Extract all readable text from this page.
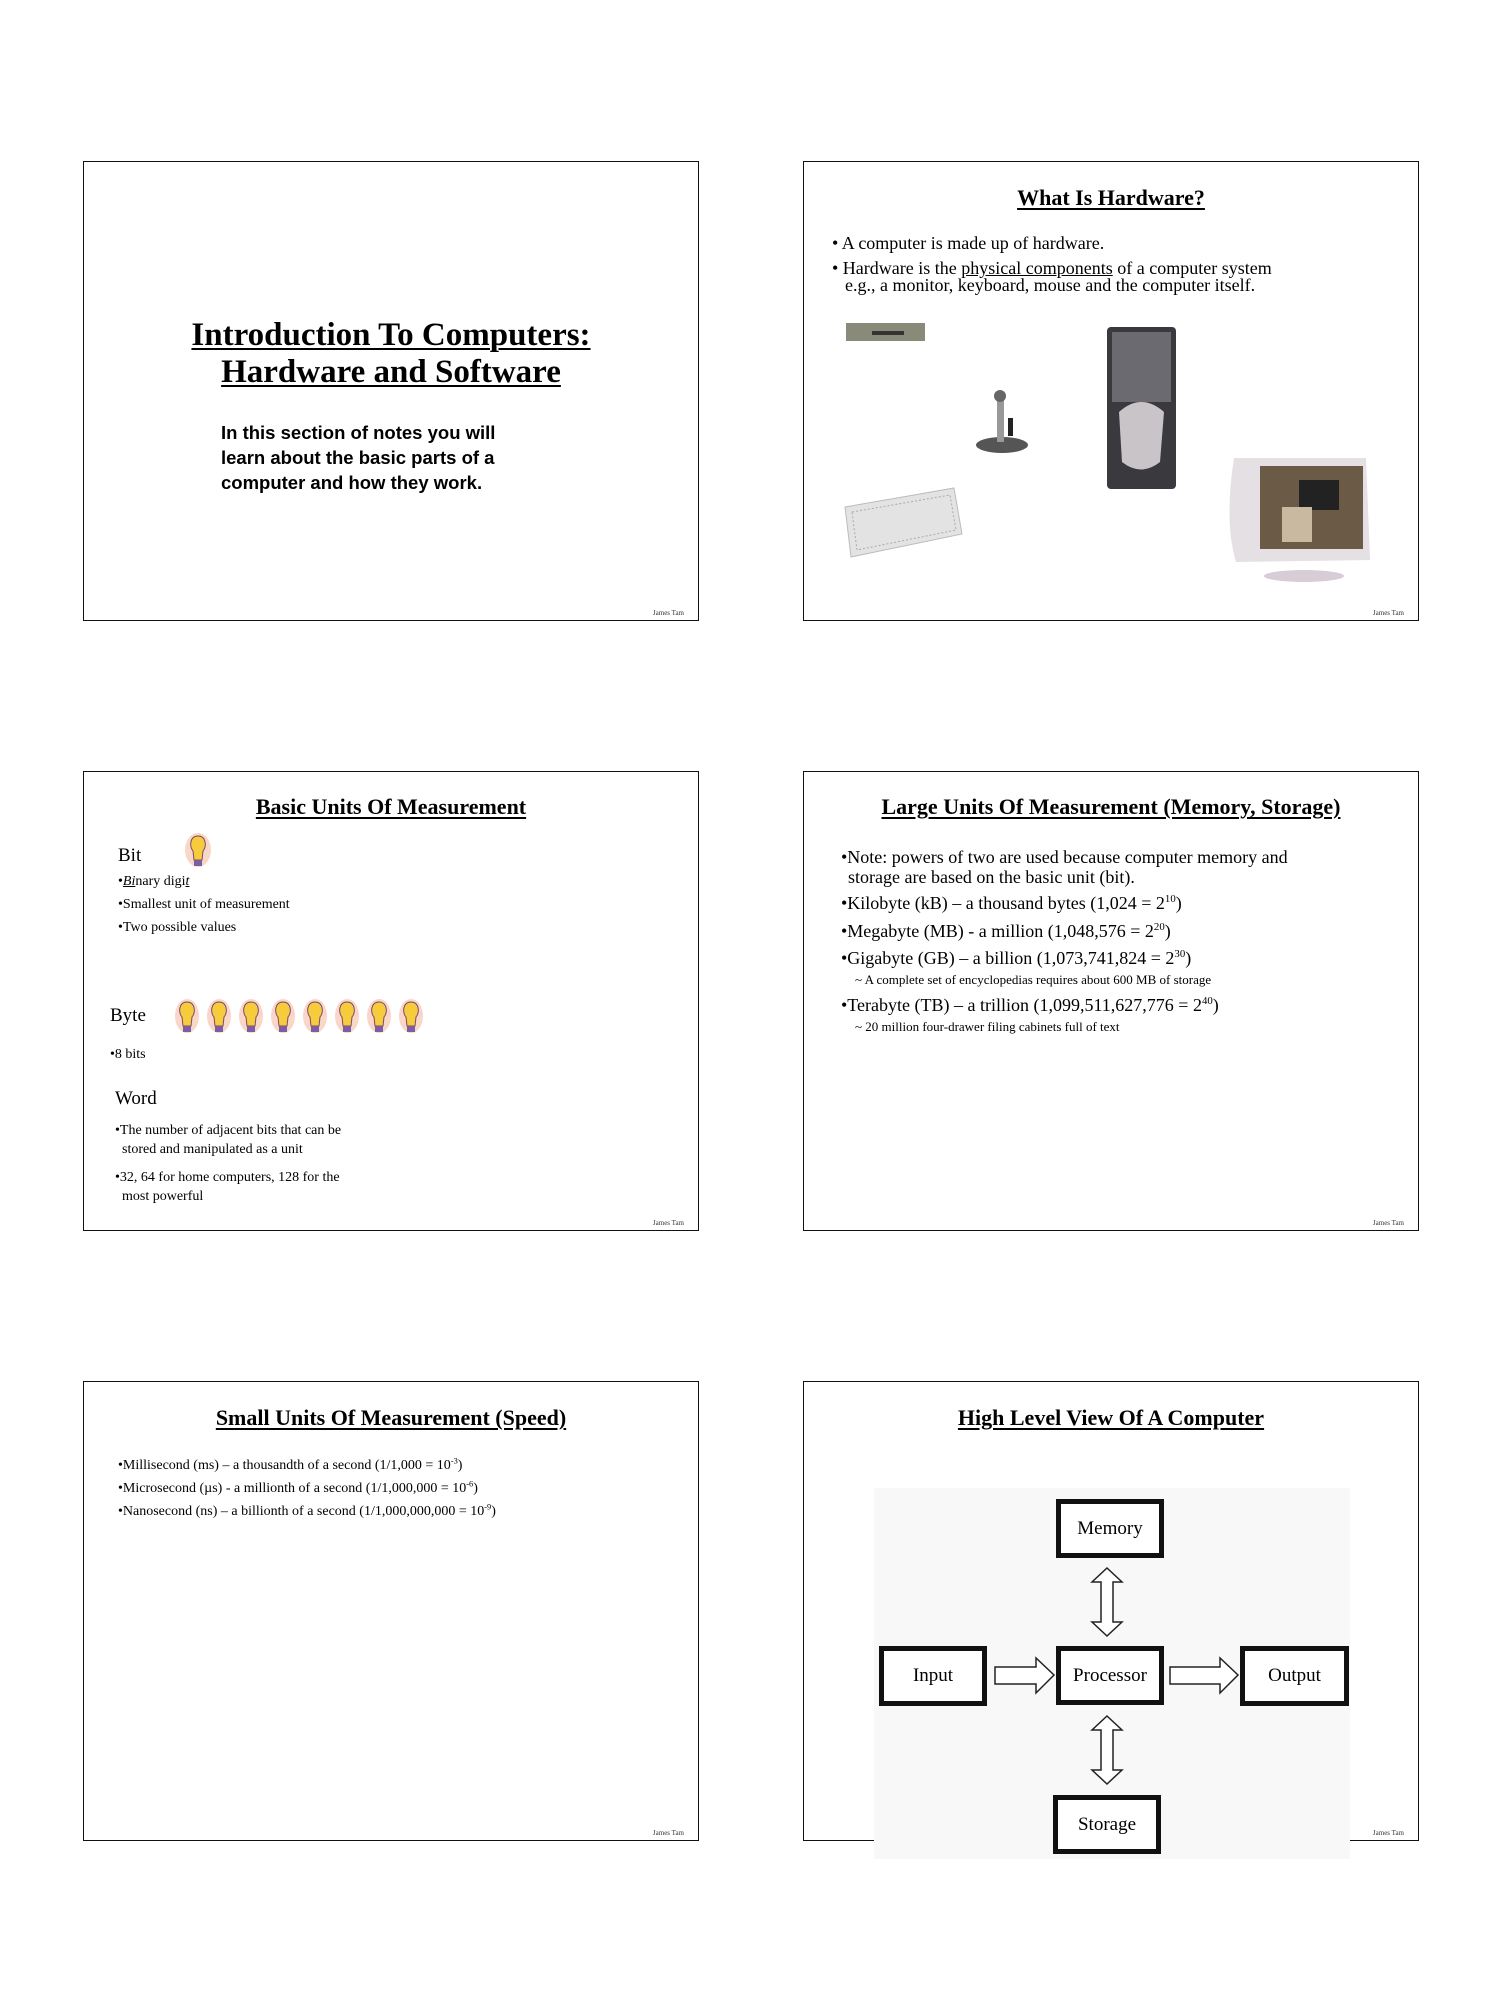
Introduction To Computers:
Hardware and Software
In this section of notes you will learn about the basic parts of a computer and how they work.
James Tam
What Is Hardware?
• A computer is made up of hardware.
• Hardware is the physical components of a computer system
e.g., a monitor, keyboard, mouse and the computer itself.
James Tam
Basic Units Of Measurement
Bit
•Binary digit
•Smallest unit of measurement
•Two possible values
Byte
•8 bits
Word
•The number of adjacent bits that can be
stored and manipulated as a unit
•32, 64 for home computers, 128 for the
most powerful
James Tam
Large Units Of Measurement (Memory, Storage)
•Note: powers of two are used because computer memory and
storage are based on the basic unit (bit).
•Kilobyte (kB) – a thousand bytes $(1,024 = 2^{10})$
•Megabyte (MB) - a million $(1,048,576 = 2^{20})$
•Gigabyte (GB) – a billion $(1,073,741,824 = 2^{30})$
~ A complete set of encyclopedias requires about 600 MB of storage
•Terabyte (TB) – a trillion $(1,099,511,627,776 = 2^{40})$
~ 20 million four-drawer filing cabinets full of text
James Tam
Small Units Of Measurement (Speed)
•Millisecond (ms) – a thousandth of a second $(1/1,000 = 10^{-3})$
•Microsecond (µs) - a millionth of a second $(1/1,000,000 = 10^{-6})$
•Nanosecond (ns) – a billionth of a second $(1/1,000,000,000 = 10^{-9})$
James Tam
High Level View Of A Computer
Memory
Input	Processor	Output
Storage	James Tam
